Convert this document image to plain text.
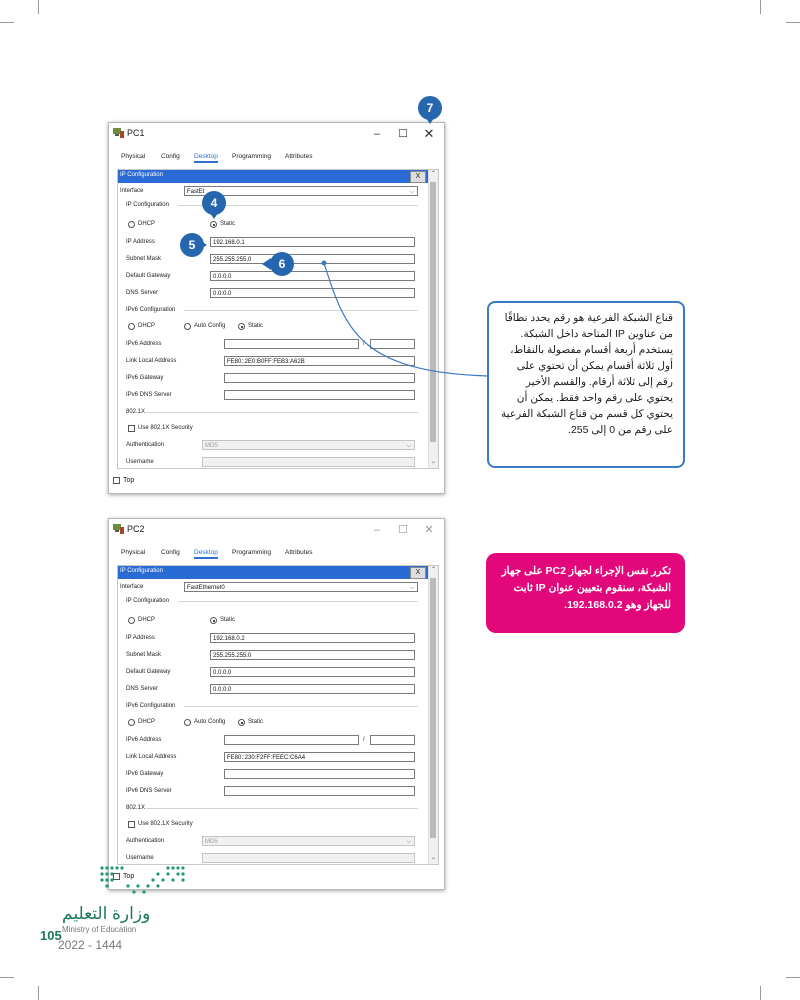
PC1	–	☐	✕
Physical Config Desktop Programming Attributes
IP Configuration	X
Interface	FastEt	⌵
IP Configuration
DHCP	Static
IP Address	192.168.0.1
Subnet Mask	255.255.255.0
Default Gateway	0.0.0.0
DNS Server	0.0.0.0
IPv6 Configuration
DHCP	Auto Config	Static
IPv6 Address	/
Link Local Address	FE80::2E0:B0FF:FEB3:A62B
IPv6 Gateway
IPv6 DNS Server
802.1X
Use 802.1X Security
Authentication	MD5	⌵
Username
⌃
⌄
Top
7
4
5
6
قناع الشبكة الفرعية هو رقم يحدد نطاقًا من عناوين IP المتاحة داخل الشبكة. يستخدم أربعة أقسام مفصولة بالنقاط، أول ثلاثة أقسام يمكن أن تحتوي على رقم إلى ثلاثة أرقام. والقسم الأخير يحتوي على رقم واحد فقط. يمكن أن يحتوي كل قسم من قناع الشبكة الفرعية على رقم من 0 إلى 255.
PC2	–	☐	✕
Physical Config Desktop Programming Attributes
IP Configuration	X
Interface	FastEthernet0	⌵
IP Configuration
DHCP	Static
IP Address	192.168.0.2
Subnet Mask	255.255.255.0
Default Gateway	0.0.0.0
DNS Server	0.0.0.0
IPv6 Configuration
DHCP	Auto Config	Static
IPv6 Address	/
Link Local Address	FE80::230:F2FF:FEEC:C6A4
IPv6 Gateway
IPv6 DNS Server
802.1X
Use 802.1X Security
Authentication	MD5	⌵
Username
⌃
⌄
Top
تكرر نفس الإجراء لجهاز PC2 على جهاز الشبكة، سنقوم بتعيين عنوان IP ثابت للجهاز وهو 192.168.0.2.
وزارة التعليم
Ministry of Education
105
2022 - 1444
